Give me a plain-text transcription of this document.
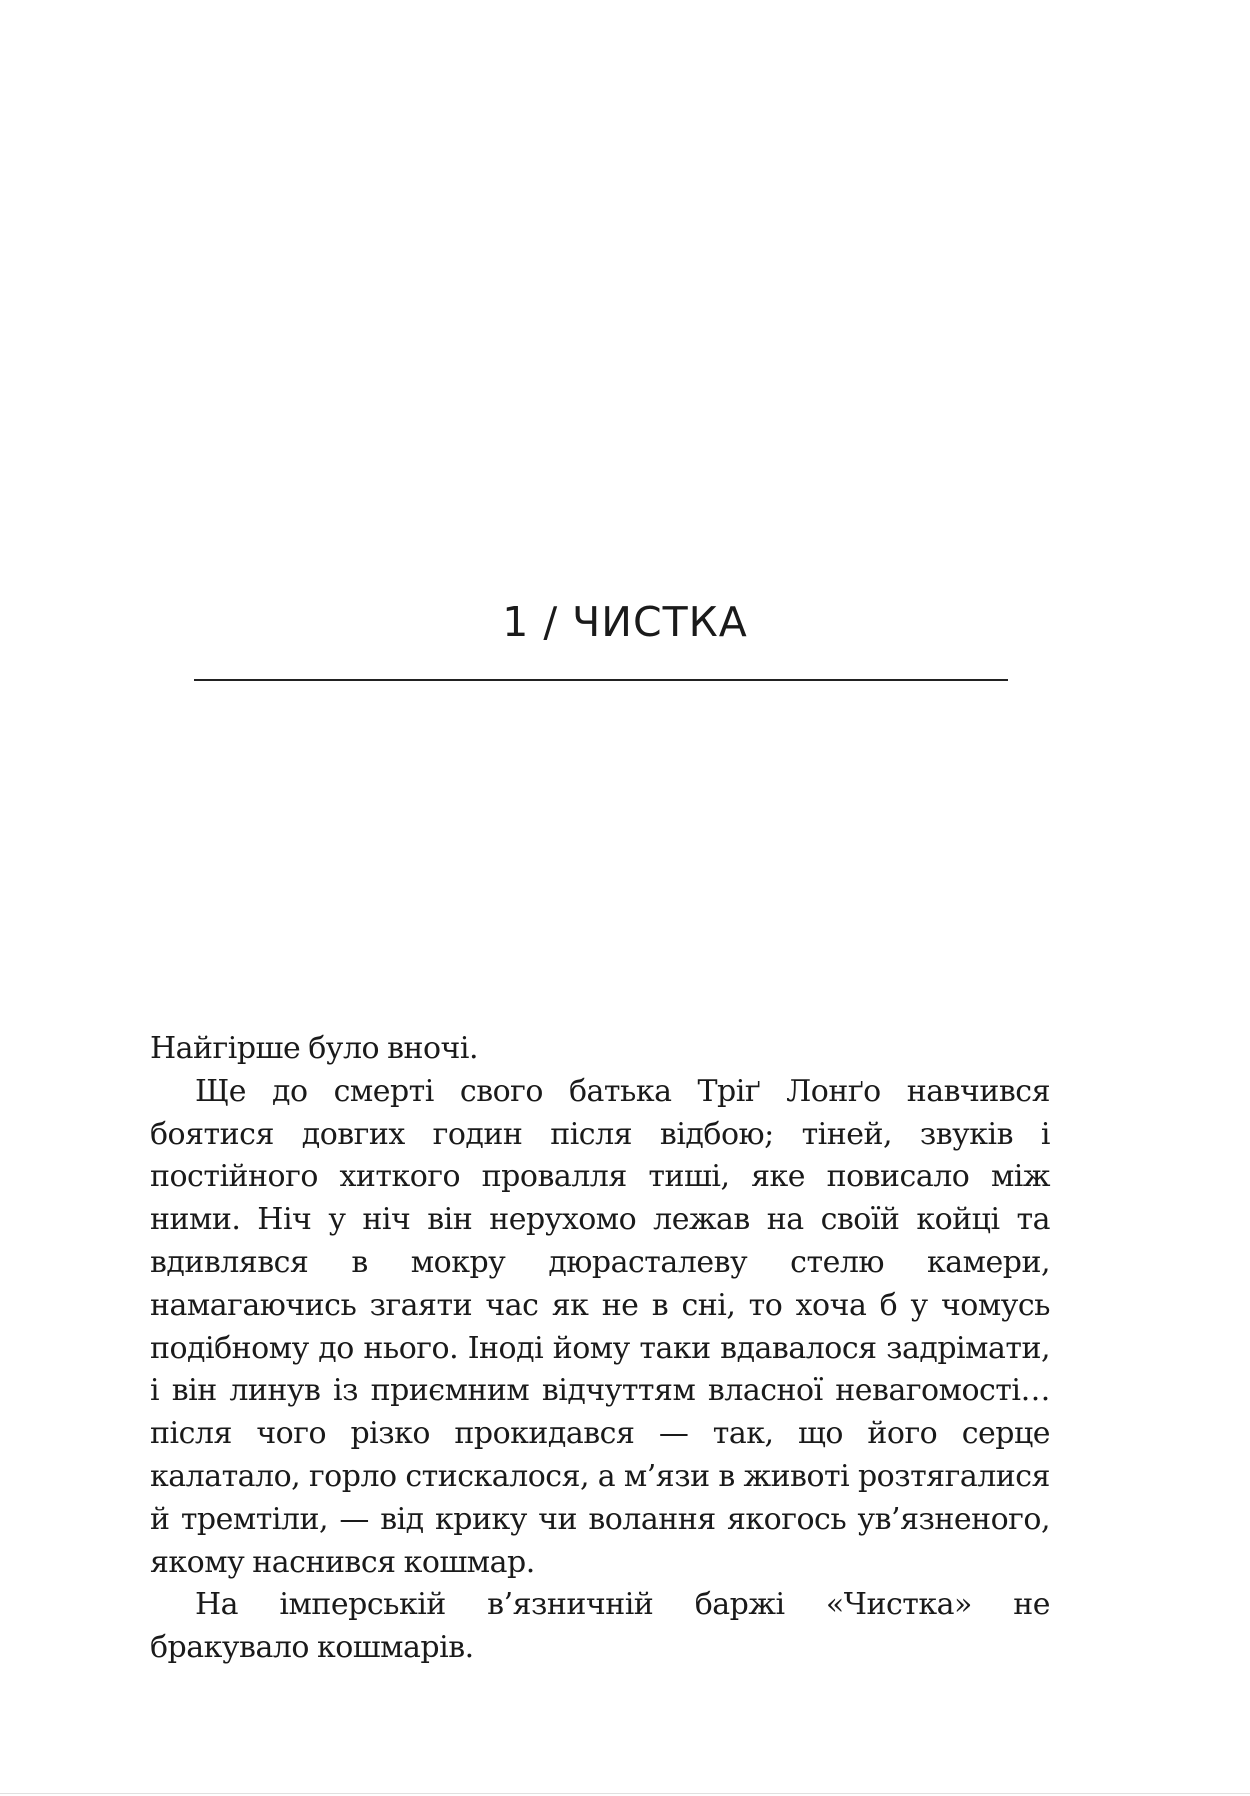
1 / ЧИСТКА

Найгірше було вночі.

Ще до смерті свого батька Тріґ Лонґо навчився боятися довгих годин після відбою; тіней, звуків і постійного хиткого провалля тиші, яке повисало між ними. Ніч у ніч він нерухомо лежав на своїй койці та вдивлявся в мокру дюрасталеву стелю камери, намагаючись згаяти час як не в сні, то хоча б у чомусь подібному до нього. Іноді йому таки вдавалося задрімати, і він линув із приємним відчуттям власної невагомості… після чого різко прокидався — так, що його серце калатало, горло стискалося, а м’язи в животі розтягалися й тремтіли, — від крику чи волання якогось ув’язненого, якому наснився кошмар.

На імперській в’язничній баржі «Чистка» не бракувало кошмарів.
